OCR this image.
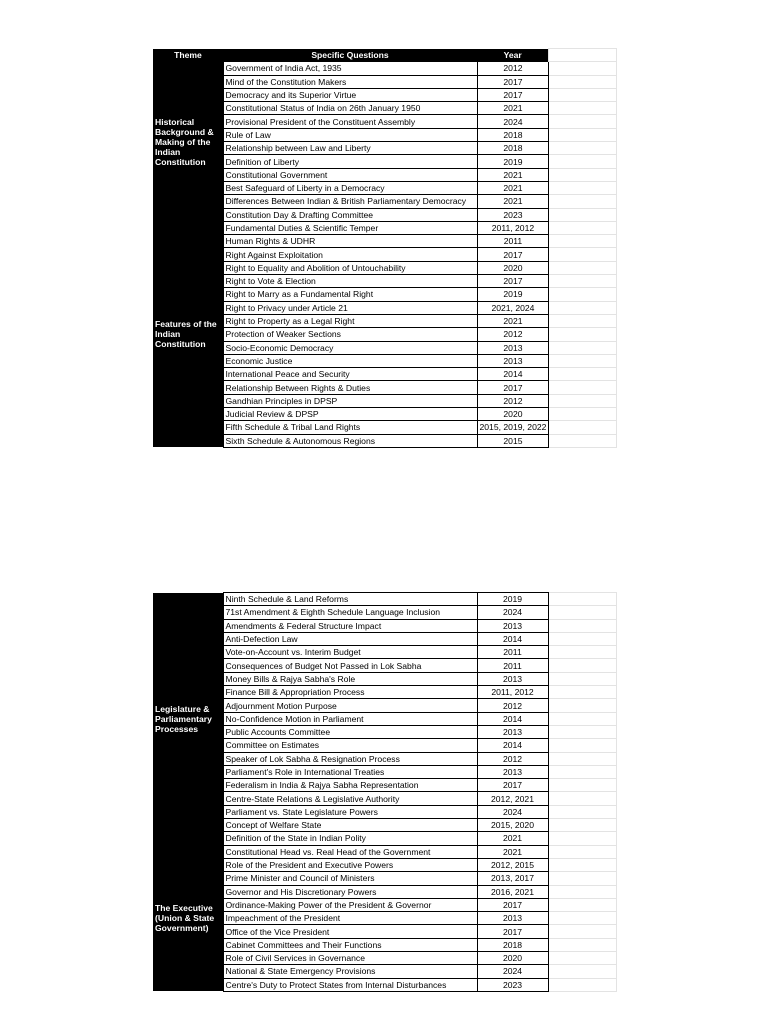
Theme	Specific Questions	Year	
Historical Background & Making of the Indian Constitution	Government of India Act, 1935	2012	
	Mind of the Constitution Makers	2017	
	Democracy and its Superior Virtue	2017	
	Constitutional Status of India on 26th January 1950	2021	
	Provisional President of the Constituent Assembly	2024	
	Rule of Law	2018	
	Relationship between Law and Liberty	2018	
	Definition of Liberty	2019	
	Constitutional Government	2021	
	Best Safeguard of Liberty in a Democracy	2021	
	Differences Between Indian & British Parliamentary Democracy	2021	
	Constitution Day & Drafting Committee	2023	
Features of the Indian Constitution	Fundamental Duties & Scientific Temper	2011, 2012	
	Human Rights & UDHR	2011	
	Right Against Exploitation	2017	
	Right to Equality and Abolition of Untouchability	2020	
	Right to Vote & Election	2017	
	Right to Marry as a Fundamental Right	2019	
	Right to Privacy under Article 21	2021, 2024	
	Right to Property as a Legal Right	2021	
	Protection of Weaker Sections	2012	
	Socio-Economic Democracy	2013	
	Economic Justice	2013	
	International Peace and Security	2014	
	Relationship Between Rights & Duties	2017	
	Gandhian Principles in DPSP	2012	
	Judicial Review & DPSP	2020	
	Fifth Schedule & Tribal Land Rights	2015, 2019, 2022	
	Sixth Schedule & Autonomous Regions	2015	
Legislature & Parliamentary Processes	Ninth Schedule & Land Reforms	2019	
	71st Amendment & Eighth Schedule Language Inclusion	2024	
	Amendments & Federal Structure Impact	2013	
	Anti-Defection Law	2014	
	Vote-on-Account vs. Interim Budget	2011	
	Consequences of Budget Not Passed in Lok Sabha	2011	
	Money Bills & Rajya Sabha's Role	2013	
	Finance Bill & Appropriation Process	2011, 2012	
	Adjournment Motion Purpose	2012	
	No-Confidence Motion in Parliament	2014	
	Public Accounts Committee	2013	
	Committee on Estimates	2014	
	Speaker of Lok Sabha & Resignation Process	2012	
	Parliament's Role in International Treaties	2013	
	Federalism in India & Rajya Sabha Representation	2017	
	Centre-State Relations & Legislative Authority	2012, 2021	
	Parliament vs. State Legislature Powers	2024	
	Concept of Welfare State	2015, 2020	
	Definition of the State in Indian Polity	2021	
The Executive (Union & State Government)	Constitutional Head vs. Real Head of the Government	2021	
	Role of the President and Executive Powers	2012, 2015	
	Prime Minister and Council of Ministers	2013, 2017	
	Governor and His Discretionary Powers	2016, 2021	
	Ordinance-Making Power of the President & Governor	2017	
	Impeachment of the President	2013	
	Office of the Vice President	2017	
	Cabinet Committees and Their Functions	2018	
	Role of Civil Services in Governance	2020	
	National & State Emergency Provisions	2024	
	Centre's Duty to Protect States from Internal Disturbances	2023	
